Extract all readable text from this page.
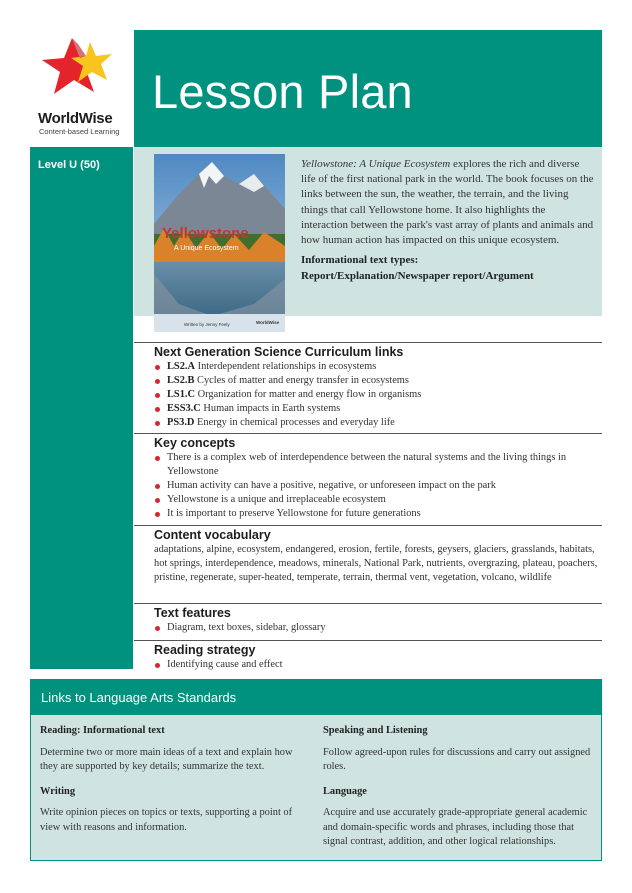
WorldWise
Content-based Learning
Lesson Plan
Level U (50)
Yellowstone
A Unique Ecosystem
Written by Jenny Feely	WorldWise
Yellowstone: A Unique Ecosystem explores the rich and diverse life of the first national park in the world. The book focuses on the links between the sun, the weather, the terrain, and the living things that call Yellowstone home. It also highlights the interaction between the park's vast array of plants and animals and how human action has impacted on this unique ecosystem.
Informational text types:
Report/Explanation/Newspaper report/Argument
Next Generation Science Curriculum links
LS2.A Interdependent relationships in ecosystems
LS2.B Cycles of matter and energy transfer in ecosystems
LS1.C Organization for matter and energy flow in organisms
ESS3.C Human impacts in Earth systems
PS3.D Energy in chemical processes and everyday life
Key concepts
There is a complex web of interdependence between the natural systems and the living things in Yellowstone
Human activity can have a positive, negative, or unforeseen impact on the park
Yellowstone is a unique and irreplaceable ecosystem
It is important to preserve Yellowstone for future generations
Content vocabulary

adaptations, alpine, ecosystem, endangered, erosion, fertile, forests, geysers, glaciers, grasslands, habitats, hot springs, interdependence, meadows, minerals, National Park, nutrients, overgrazing, plateau, poachers, pristine, regenerate, super-heated, temperate, terrain, thermal vent, vegetation, volcano, wildlife

Text features
Diagram, text boxes, sidebar, glossary
Reading strategy
Identifying cause and effect
Links to Language Arts Standards
Reading: Informational text

Determine two or more main ideas of a text and explain how they are supported by key details; summarize the text.

Writing

Write opinion pieces on topics or texts, supporting a point of view with reasons and information.

Speaking and Listening

Follow agreed-upon rules for discussions and carry out assigned roles.

Language

Acquire and use accurately grade-appropriate general academic and domain-specific words and phrases, including those that signal contrast, addition, and other logical relationships.
